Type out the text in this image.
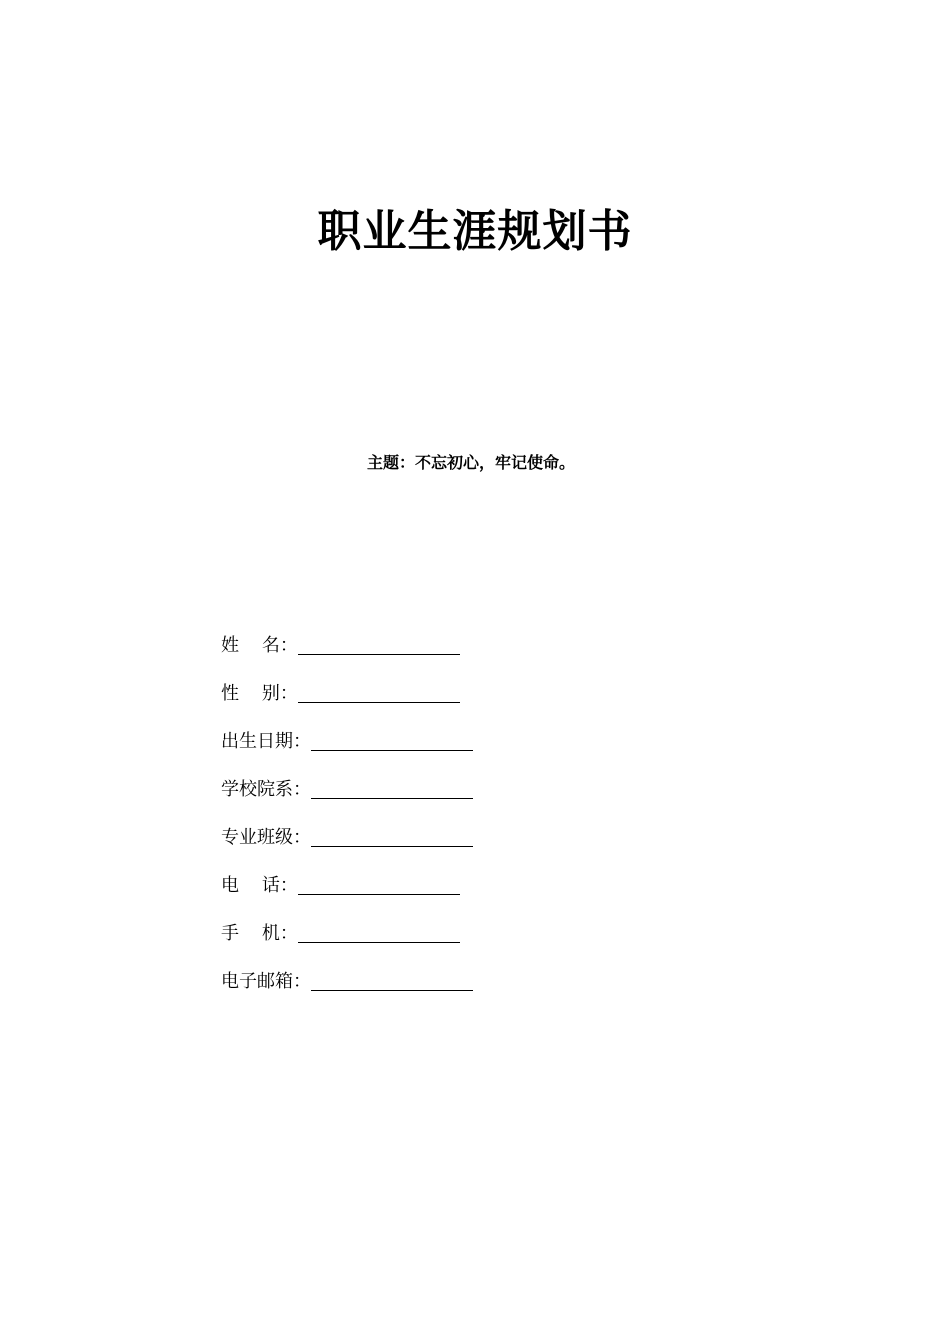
职业生涯规划书
主题：不忘初心，牢记使命。
姓    名：
性    别：
出生日期：
学校院系：
专业班级：
电    话：
手    机：
电子邮箱：
